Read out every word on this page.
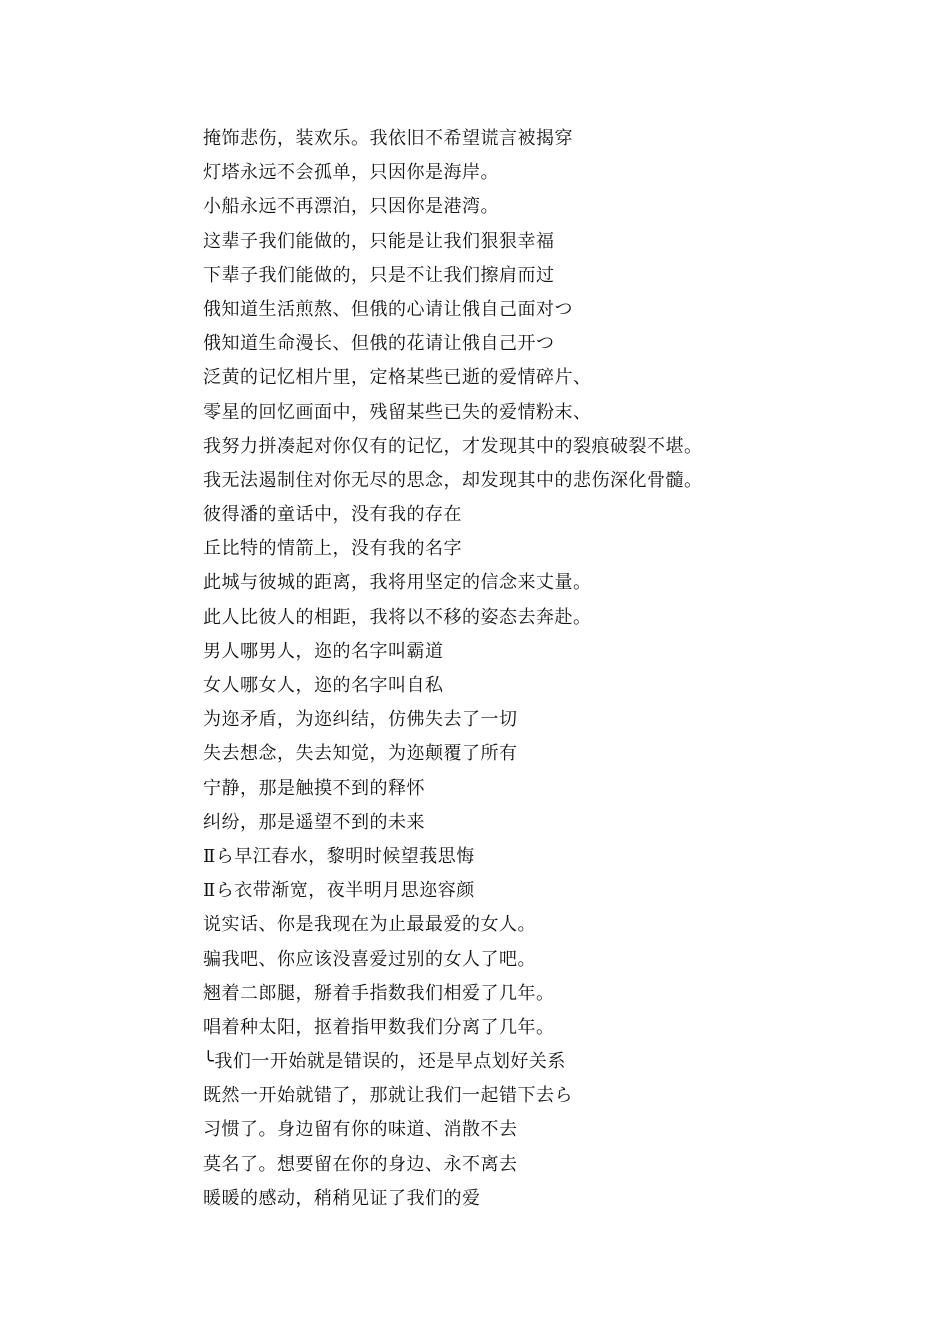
掩饰悲伤，装欢乐。我依旧不希望谎言被揭穿
灯塔永远不会孤单，只因你是海岸。
小船永远不再漂泊，只因你是港湾。
这辈子我们能做的，只能是让我们狠狠幸福
下辈子我们能做的，只是不让我们擦肩而过
俄知道生活煎熬、但俄的心请让俄自己面对つ
俄知道生命漫长、但俄的花请让俄自己开つ
泛黄的记忆相片里，定格某些已逝的爱情碎片、
零星的回忆画面中，残留某些已失的爱情粉末、
我努力拼凑起对你仅有的记忆，才发现其中的裂痕破裂不堪。
我无法遏制住对你无尽的思念，却发现其中的悲伤深化骨髓。
彼得潘的童话中，没有我的存在
丘比特的情箭上，没有我的名字
此城与彼城的距离，我将用坚定的信念来丈量。
此人比彼人的相距，我将以不移的姿态去奔赴。
男人哪男人，迩的名字叫霸道
女人哪女人，迩的名字叫自私
为迩矛盾，为迩纠结，仿佛失去了一切
失去想念，失去知觉，为迩颠覆了所有
宁静，那是触摸不到的释怀
纠纷，那是遥望不到的未来
Ⅱら早江春水，黎明时候望莪思悔
Ⅱら衣带渐宽，夜半明月思迩容颜
说实话、你是我现在为止最最爱的女人。
骗我吧、你应该没喜爱过别的女人了吧。
翘着二郎腿，掰着手指数我们相爱了几年。
唱着种太阳，抠着指甲数我们分离了几年。
╰我们一开始就是错误的，还是早点划好关系
既然一开始就错了，那就让我们一起错下去ら
习惯了。身边留有你的味道、消散不去
莫名了。想要留在你的身边、永不离去
暖暖的感动，稍稍见证了我们的爱
